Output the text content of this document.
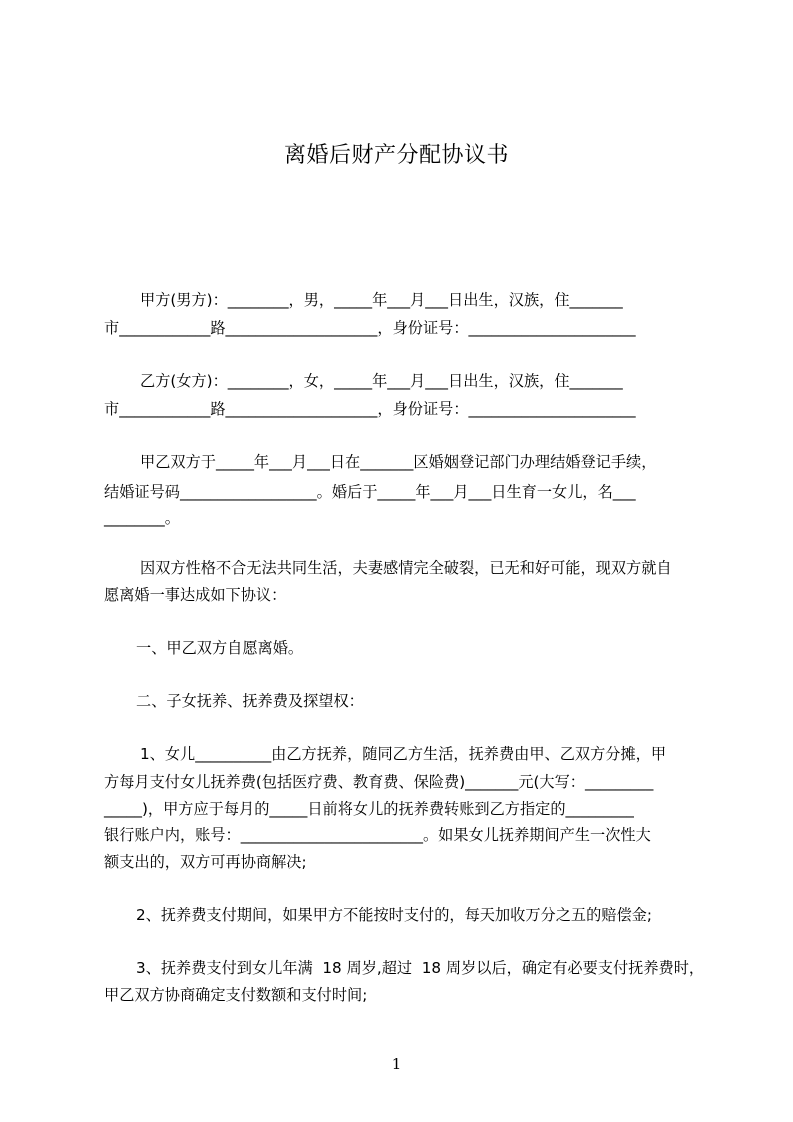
离婚后财产分配协议书
甲方(男方)：________，男，_____年___月___日出生，汉族，住_______
市____________路____________________，身份证号：______________________
乙方(女方)：________，女，_____年___月___日出生，汉族，住_______
市____________路____________________，身份证号：______________________
甲乙双方于_____年___月___日在_______区婚姻登记部门办理结婚登记手续，
结婚证号码__________________。婚后于_____年___月___日生育一女儿，名___
________。
因双方性格不合无法共同生活，夫妻感情完全破裂，已无和好可能，现双方就自
愿离婚一事达成如下协议：
一、甲乙双方自愿离婚。
二、子女抚养、抚养费及探望权：
1、女儿__________由乙方抚养，随同乙方生活，抚养费由甲、乙双方分摊，甲
方每月支付女儿抚养费(包括医疗费、教育费、保险费)_______元(大写：_________
_____)，甲方应于每月的_____日前将女儿的抚养费转账到乙方指定的_________
银行账户内，账号：________________________。如果女儿抚养期间产生一次性大
额支出的，双方可再协商解决;
2、抚养费支付期间，如果甲方不能按时支付的，每天加收万分之五的赔偿金;
3、抚养费支付到女儿年满  18 周岁,超过  18 周岁以后，确定有必要支付抚养费时，
甲乙双方协商确定支付数额和支付时间;
1
